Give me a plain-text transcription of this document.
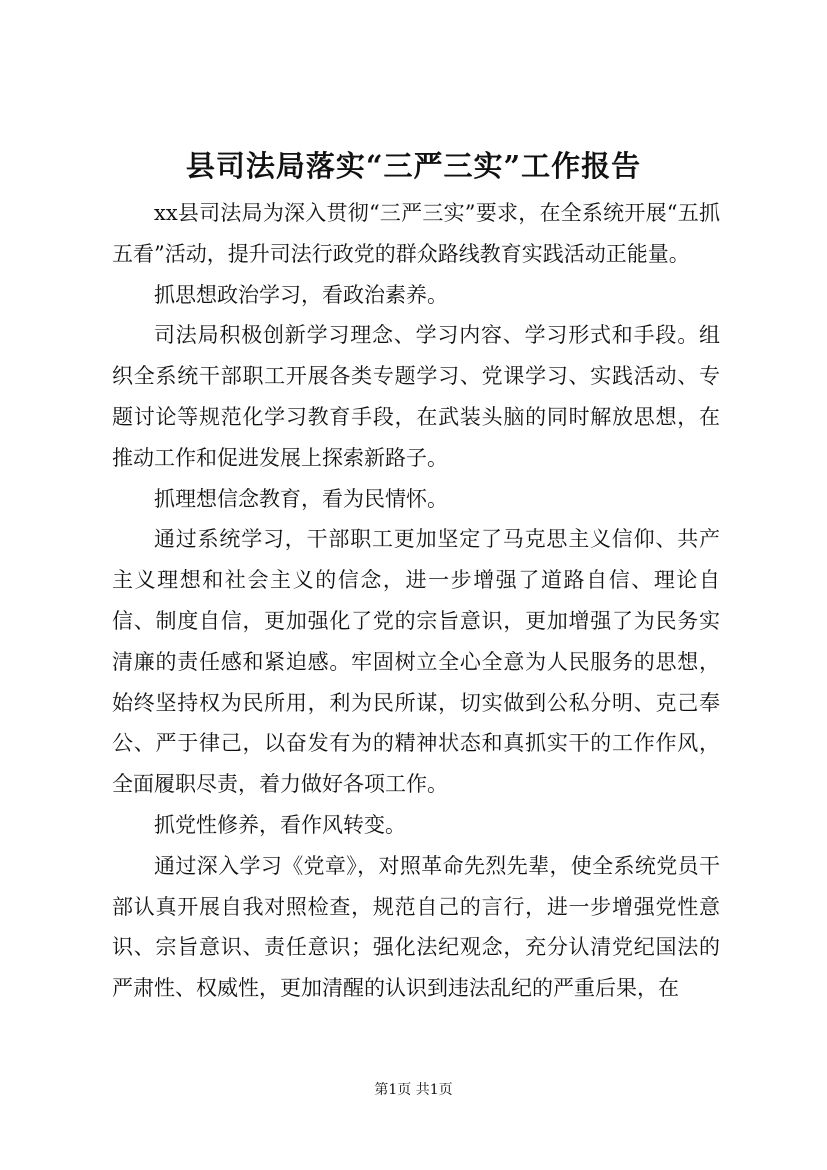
县司法局落实“三严三实”工作报告

xx县司法局为深入贯彻“三严三实”要求，在全系统开展“五抓五看”活动，提升司法行政党的群众路线教育实践活动正能量。

抓思想政治学习，看政治素养。

司法局积极创新学习理念、学习内容、学习形式和手段。组织全系统干部职工开展各类专题学习、党课学习、实践活动、专题讨论等规范化学习教育手段，在武装头脑的同时解放思想，在推动工作和促进发展上探索新路子。

抓理想信念教育，看为民情怀。

通过系统学习，干部职工更加坚定了马克思主义信仰、共产主义理想和社会主义的信念，进一步增强了道路自信、理论自信、制度自信，更加强化了党的宗旨意识，更加增强了为民务实清廉的责任感和紧迫感。牢固树立全心全意为人民服务的思想，始终坚持权为民所用，利为民所谋，切实做到公私分明、克己奉公、严于律己，以奋发有为的精神状态和真抓实干的工作作风，全面履职尽责，着力做好各项工作。

抓党性修养，看作风转变。

通过深入学习《党章》，对照革命先烈先辈，使全系统党员干部认真开展自我对照检查，规范自己的言行，进一步增强党性意识、宗旨意识、责任意识；强化法纪观念，充分认清党纪国法的严肃性、权威性，更加清醒的认识到违法乱纪的严重后果，在

第1页 共1页
